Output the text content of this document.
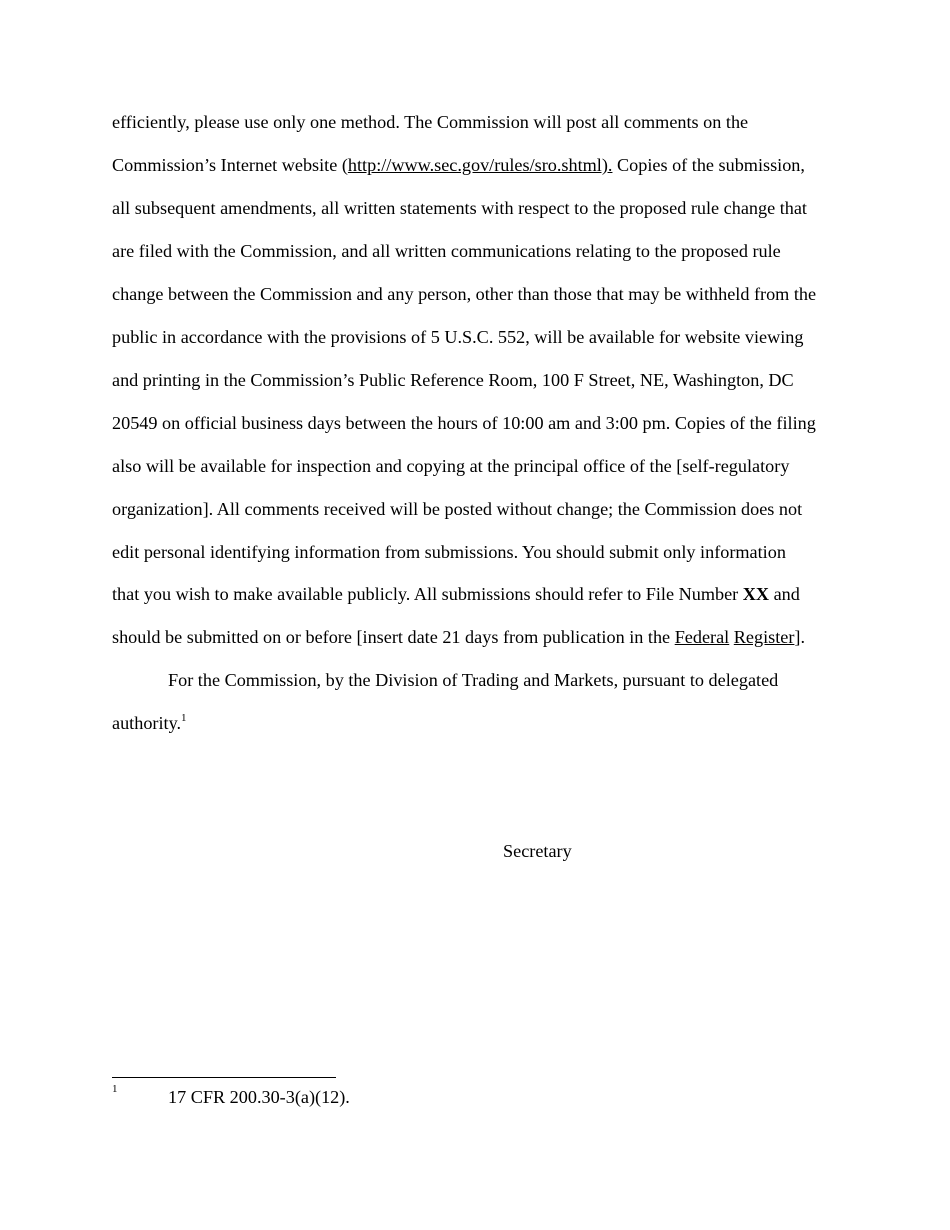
efficiently, please use only one method. The Commission will post all comments on the
Commission’s Internet website (http://www.sec.gov/rules/sro.shtml). Copies of the submission,
all subsequent amendments, all written statements with respect to the proposed rule change that
are filed with the Commission, and all written communications relating to the proposed rule
change between the Commission and any person, other than those that may be withheld from the
public in accordance with the provisions of 5 U.S.C. 552, will be available for website viewing
and printing in the Commission’s Public Reference Room, 100 F Street, NE, Washington, DC
20549 on official business days between the hours of 10:00 am and 3:00 pm. Copies of the filing
also will be available for inspection and copying at the principal office of the [self-regulatory
organization]. All comments received will be posted without change; the Commission does not
edit personal identifying information from submissions. You should submit only information
that you wish to make available publicly. All submissions should refer to File Number XX and
should be submitted on or before [insert date 21 days from publication in the Federal Register].
For the Commission, by the Division of Trading and Markets, pursuant to delegated
authority.$^1$
Secretary
1	17 CFR 200.30-3(a)(12).
